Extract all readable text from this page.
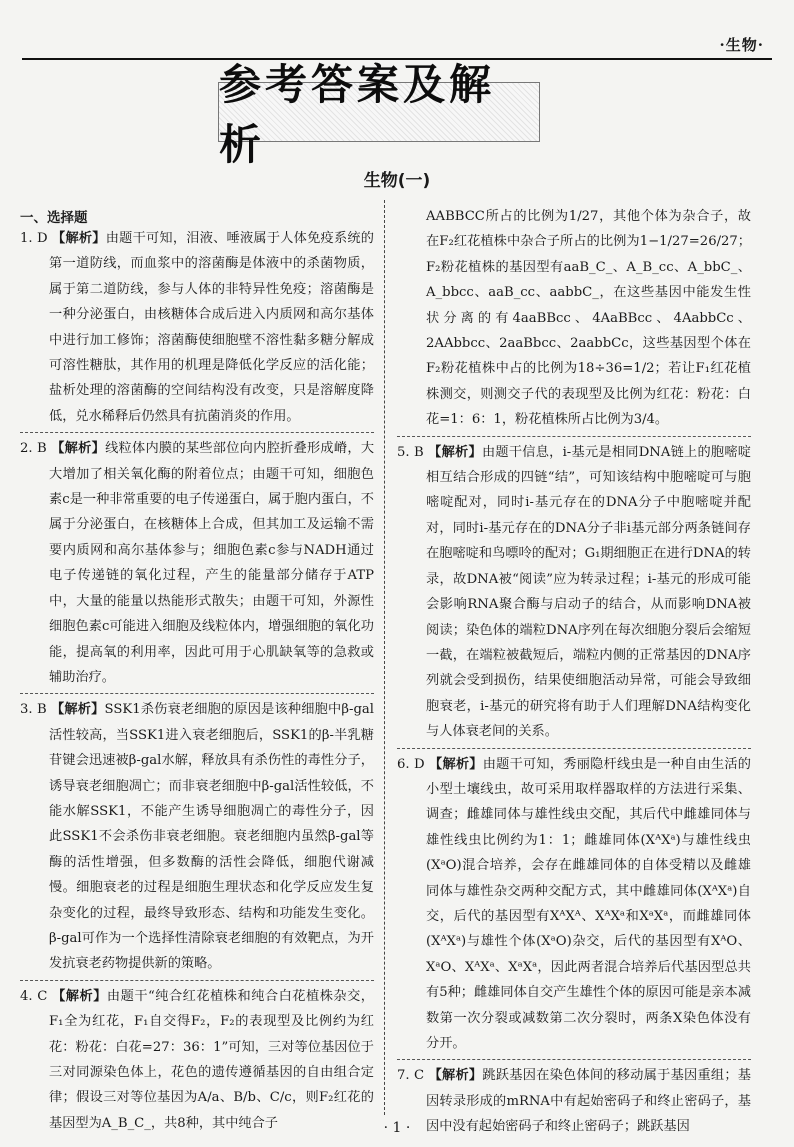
·生物·
参考答案及解析
生物(一)
一、选择题
1. D 【解析】由题干可知，泪液、唾液属于人体免疫系统的第一道防线，而血浆中的溶菌酶是体液中的杀菌物质，属于第二道防线，参与人体的非特异性免疫；溶菌酶是一种分泌蛋白，由核糖体合成后进入内质网和高尔基体中进行加工修饰；溶菌酶使细胞壁不溶性黏多糖分解成可溶性糖肽，其作用的机理是降低化学反应的活化能；盐析处理的溶菌酶的空间结构没有改变，只是溶解度降低，兑水稀释后仍然具有抗菌消炎的作用。
2. B 【解析】线粒体内膜的某些部位向内腔折叠形成嵴，大大增加了相关氧化酶的附着位点；由题干可知，细胞色素c是一种非常重要的电子传递蛋白，属于胞内蛋白，不属于分泌蛋白，在核糖体上合成，但其加工及运输不需要内质网和高尔基体参与；细胞色素c参与NADH通过电子传递链的氧化过程，产生的能量部分储存于ATP中，大量的能量以热能形式散失；由题干可知，外源性细胞色素c可能进入细胞及线粒体内，增强细胞的氧化功能，提高氧的利用率，因此可用于心肌缺氧等的急救或辅助治疗。
3. B 【解析】SSK1杀伤衰老细胞的原因是该种细胞中β-gal活性较高，当SSK1进入衰老细胞后，SSK1的β-半乳糖苷键会迅速被β-gal水解，释放具有杀伤性的毒性分子，诱导衰老细胞凋亡；而非衰老细胞中β-gal活性较低，不能水解SSK1，不能产生诱导细胞凋亡的毒性分子，因此SSK1不会杀伤非衰老细胞。衰老细胞内虽然β-gal等酶的活性增强，但多数酶的活性会降低，细胞代谢减慢。细胞衰老的过程是细胞生理状态和化学反应发生复杂变化的过程，最终导致形态、结构和功能发生变化。β-gal可作为一个选择性清除衰老细胞的有效靶点，为开发抗衰老药物提供新的策略。
4. C 【解析】由题干“纯合红花植株和纯合白花植株杂交，F₁全为红花，F₁自交得F₂，F₂的表现型及比例约为红花：粉花：白花=27：36：1”可知，三对等位基因位于三对同源染色体上，花色的遗传遵循基因的自由组合定律；假设三对等位基因为A/a、B/b、C/c，则F₂红花的基因型为A_B_C_，共8种，其中纯合子
AABBCC所占的比例为1/27，其他个体为杂合子，故在F₂红花植株中杂合子所占的比例为1−1/27=26/27；F₂粉花植株的基因型有aaB_C_、A_B_cc、A_bbC_、A_bbcc、aaB_cc、aabbC_，在这些基因中能发生性状分离的有4aaBBcc、4AaBBcc、4AabbCc、2AAbbcc、2aaBbcc、2aabbCc，这些基因型个体在F₂粉花植株中占的比例为18÷36=1/2；若让F₁红花植株测交，则测交子代的表现型及比例为红花：粉花：白花=1：6：1，粉花植株所占比例为3/4。
5. B 【解析】由题干信息，i-基元是相同DNA链上的胞嘧啶相互结合形成的四链“结”，可知该结构中胞嘧啶可与胞嘧啶配对，同时i-基元存在的DNA分子中胞嘧啶并配对，同时i-基元存在的DNA分子非i基元部分两条链间存在胞嘧啶和鸟嘌呤的配对；G₁期细胞正在进行DNA的转录，故DNA被“阅读”应为转录过程；i-基元的形成可能会影响RNA聚合酶与启动子的结合，从而影响DNA被阅读；染色体的端粒DNA序列在每次细胞分裂后会缩短一截，在端粒被截短后，端粒内侧的正常基因的DNA序列就会受到损伤，结果使细胞活动异常，可能会导致细胞衰老，i-基元的研究将有助于人们理解DNA结构变化与人体衰老间的关系。
6. D 【解析】由题干可知，秀丽隐杆线虫是一种自由生活的小型土壤线虫，故可采用取样器取样的方法进行采集、调查；雌雄同体与雄性线虫交配，其后代中雌雄同体与雄性线虫比例约为1：1；雌雄同体(XᴬXᵃ)与雄性线虫(XᵃO)混合培养，会存在雌雄同体的自体受精以及雌雄同体与雄性杂交两种交配方式，其中雌雄同体(XᴬXᵃ)自交，后代的基因型有XᴬXᴬ、XᴬXᵃ和XᵃXᵃ，而雌雄同体(XᴬXᵃ)与雄性个体(XᵃO)杂交，后代的基因型有XᴬO、XᵃO、XᴬXᵃ、XᵃXᵃ，因此两者混合培养后代基因型总共有5种；雌雄同体自交产生雄性个体的原因可能是亲本减数第一次分裂或减数第二次分裂时，两条X染色体没有分开。
7. C 【解析】跳跃基因在染色体间的移动属于基因重组；基因转录形成的mRNA中有起始密码子和终止密码子，基因中没有起始密码子和终止密码子；跳跃基因
· 1 ·
